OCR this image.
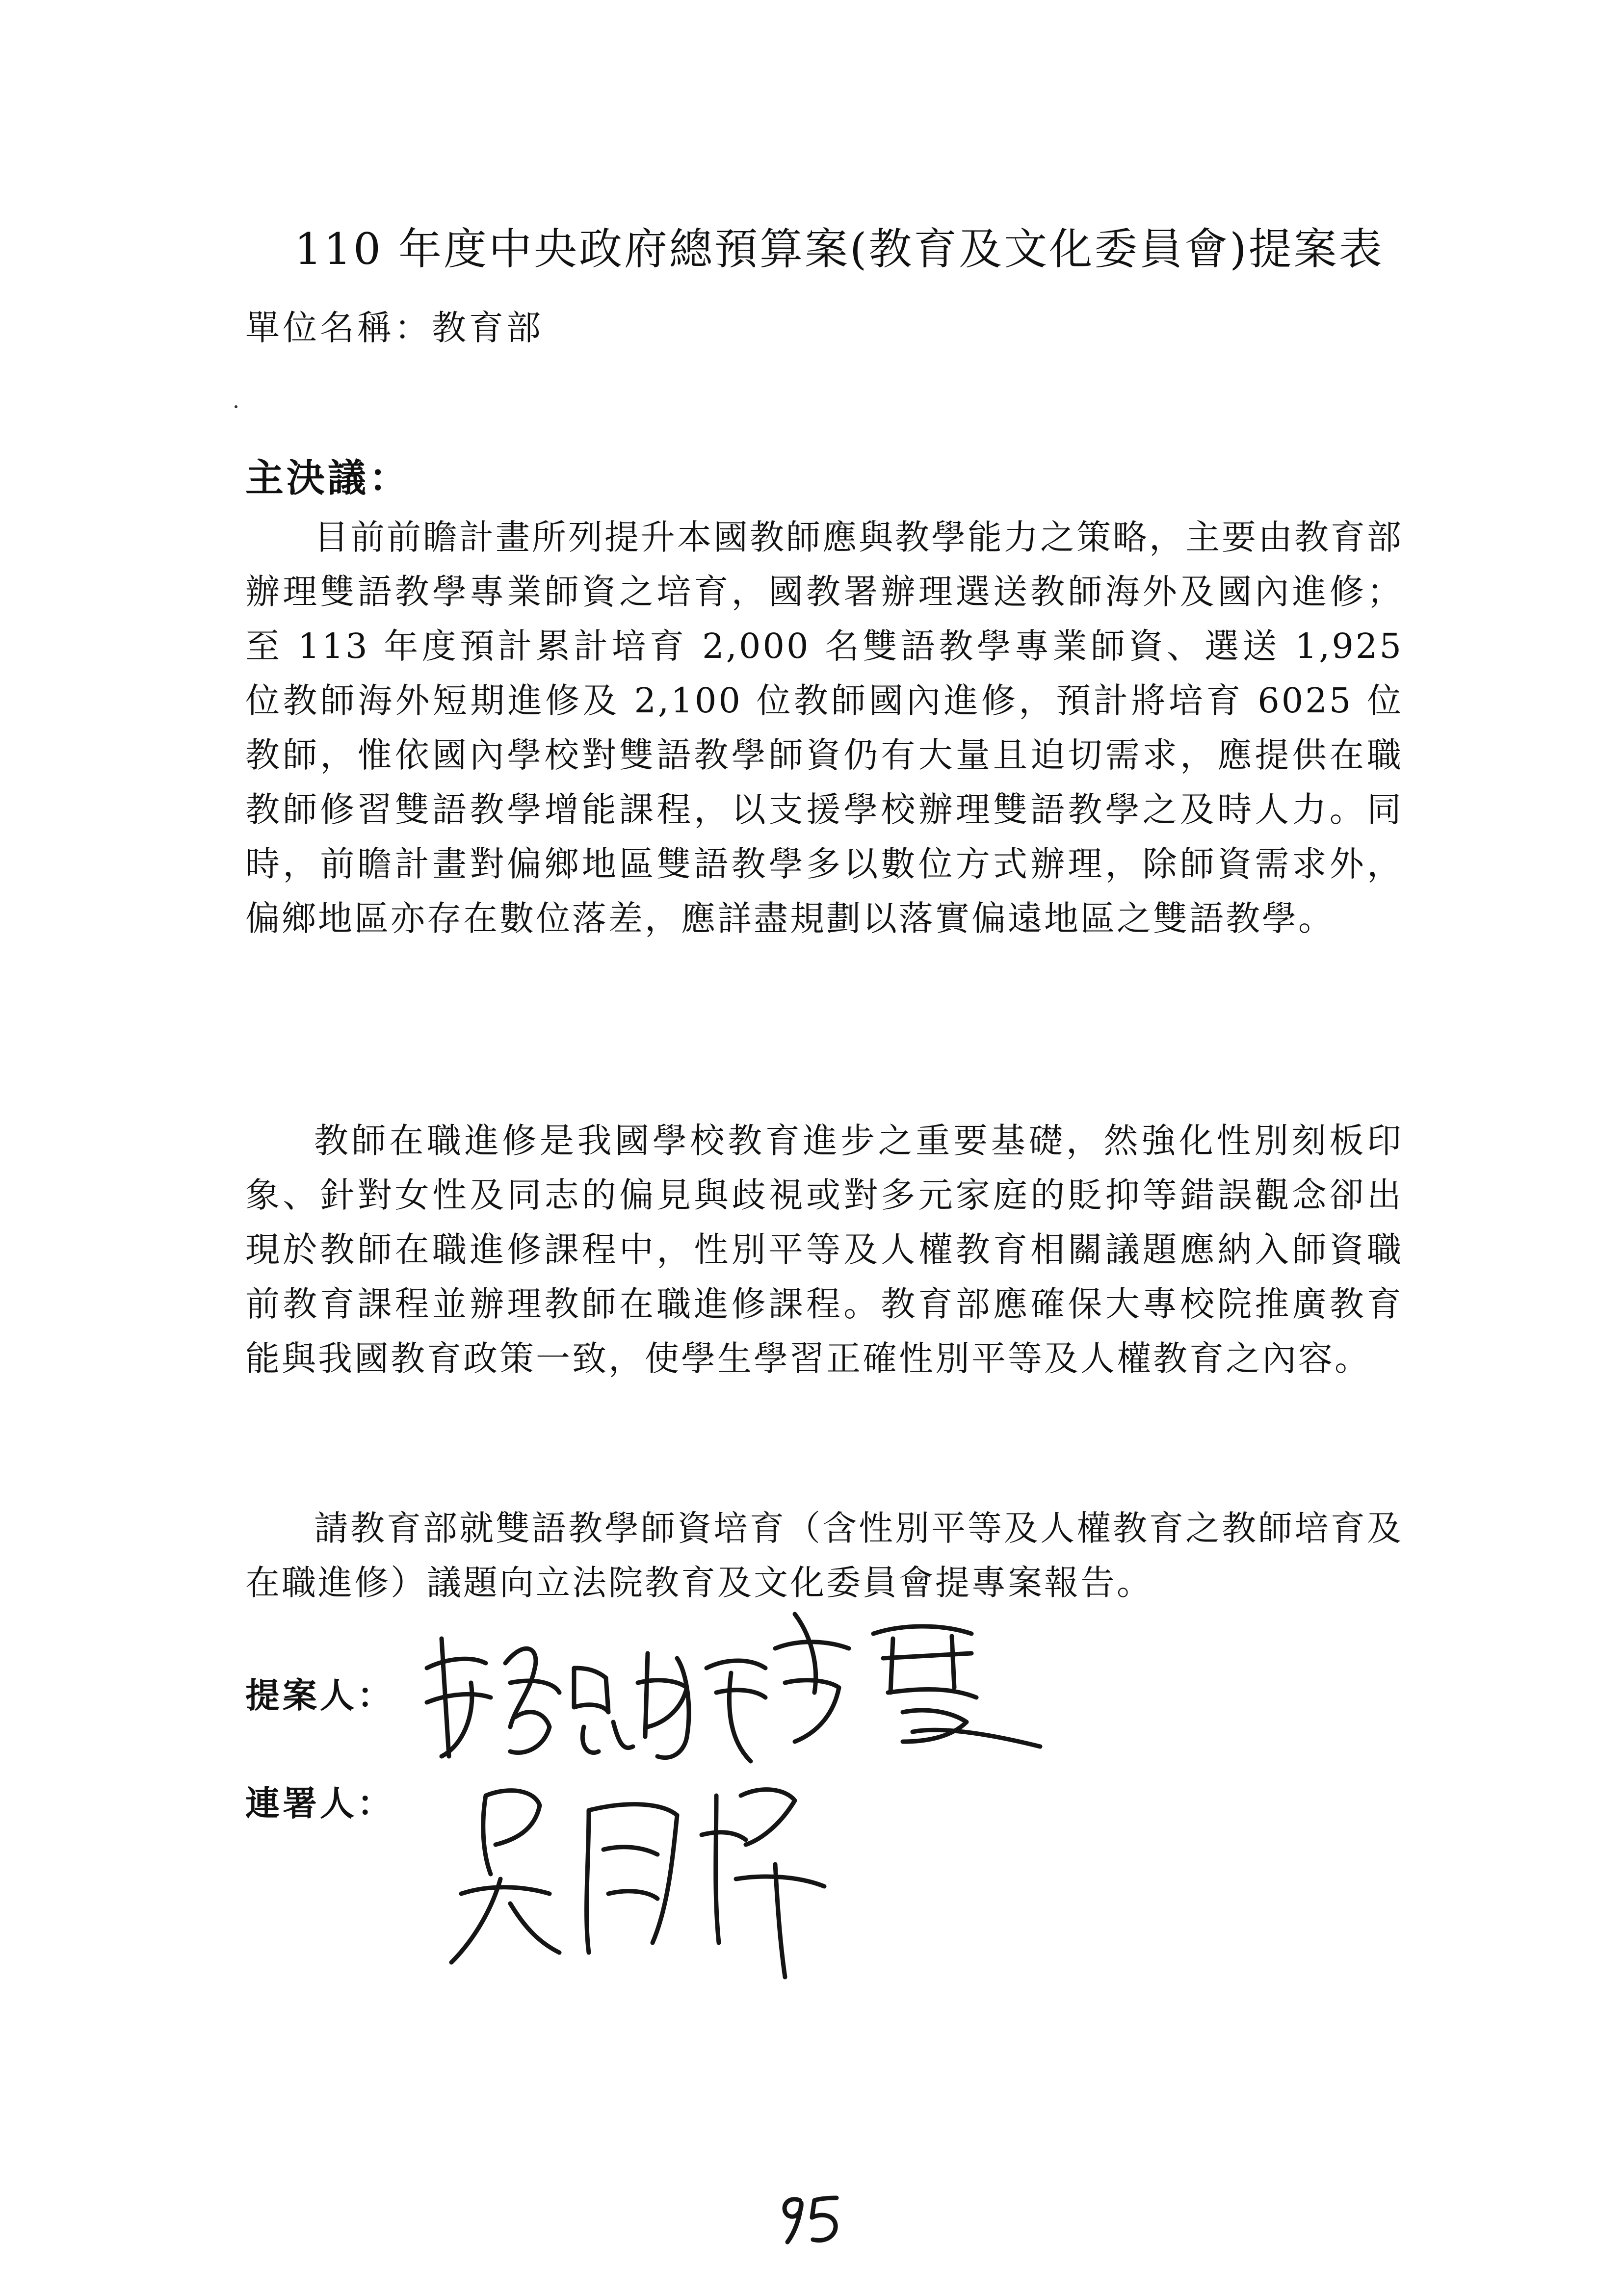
110 年度中央政府總預算案(教育及文化委員會)提案表
單位名稱：教育部
主決議：

目前前瞻計畫所列提升本國教師應與教學能力之策略，主要由教育部辦理雙語教學專業師資之培育，國教署辦理選送教師海外及國內進修；至 113 年度預計累計培育 2,000 名雙語教學專業師資、選送 1,925 位教師海外短期進修及 2,100 位教師國內進修，預計將培育 6025 位教師，惟依國內學校對雙語教學師資仍有大量且迫切需求，應提供在職教師修習雙語教學增能課程，以支援學校辦理雙語教學之及時人力。同時，前瞻計畫對偏鄉地區雙語教學多以數位方式辦理，除師資需求外，偏鄉地區亦存在數位落差，應詳盡規劃以落實偏遠地區之雙語教學。

教師在職進修是我國學校教育進步之重要基礎，然強化性別刻板印象、針對女性及同志的偏見與歧視或對多元家庭的貶抑等錯誤觀念卻出現於教師在職進修課程中，性別平等及人權教育相關議題應納入師資職前教育課程並辦理教師在職進修課程。教育部應確保大專校院推廣教育能與我國教育政策一致，使學生學習正確性別平等及人權教育之內容。

請教育部就雙語教學師資培育（含性別平等及人權教育之教師培育及在職進修）議題向立法院教育及文化委員會提專案報告。

提案人：
連署人：
